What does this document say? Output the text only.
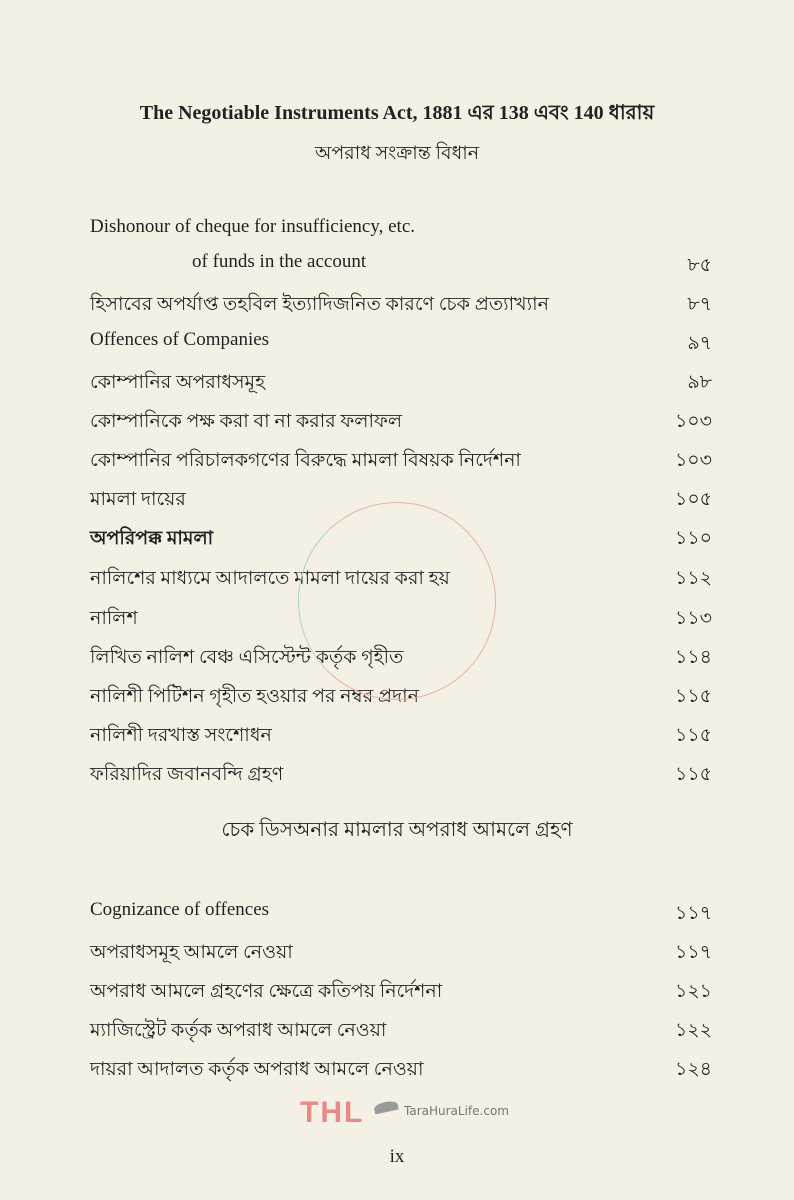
The Negotiable Instruments Act, 1881 এর 138 এবং 140 ধারায়
অপরাধ সংক্রান্ত বিধান
Dishonour of cheque for insufficiency, etc.
of funds in the account	৮৫
হিসাবের অপর্যাপ্ত তহবিল ইত্যাদিজনিত কারণে চেক প্রত্যাখ্যান	৮৭
Offences of Companies	৯৭
কোম্পানির অপরাধসমূহ	৯৮
কোম্পানিকে পক্ষ করা বা না করার ফলাফল	১০৩
কোম্পানির পরিচালকগণের বিরুদ্ধে মামলা বিষয়ক নির্দেশনা	১০৩
মামলা দায়ের	১০৫
অপরিপক্ক মামলা	১১০
নালিশের মাধ্যমে আদালতে মামলা দায়ের করা হয়	১১২
নালিশ	১১৩
লিখিত নালিশ বেঞ্চ এসিস্টেন্ট কর্তৃক গৃহীত	১১৪
নালিশী পিটিশন গৃহীত হওয়ার পর নম্বর প্রদান	১১৫
নালিশী দরখাস্ত সংশোধন	১১৫
ফরিয়াদির জবানবন্দি গ্রহণ	১১৫
চেক ডিসঅনার মামলার অপরাধ আমলে গ্রহণ
Cognizance of offences	১১৭
অপরাধসমূহ আমলে নেওয়া	১১৭
অপরাধ আমলে গ্রহণের ক্ষেত্রে কতিপয় নির্দেশনা	১২১
ম্যাজিস্ট্রেট কর্তৃক অপরাধ আমলে নেওয়া	১২২
দায়রা আদালত কর্তৃক অপরাধ আমলে নেওয়া	১২৪
THL	TaraHuraLife.com
ix
